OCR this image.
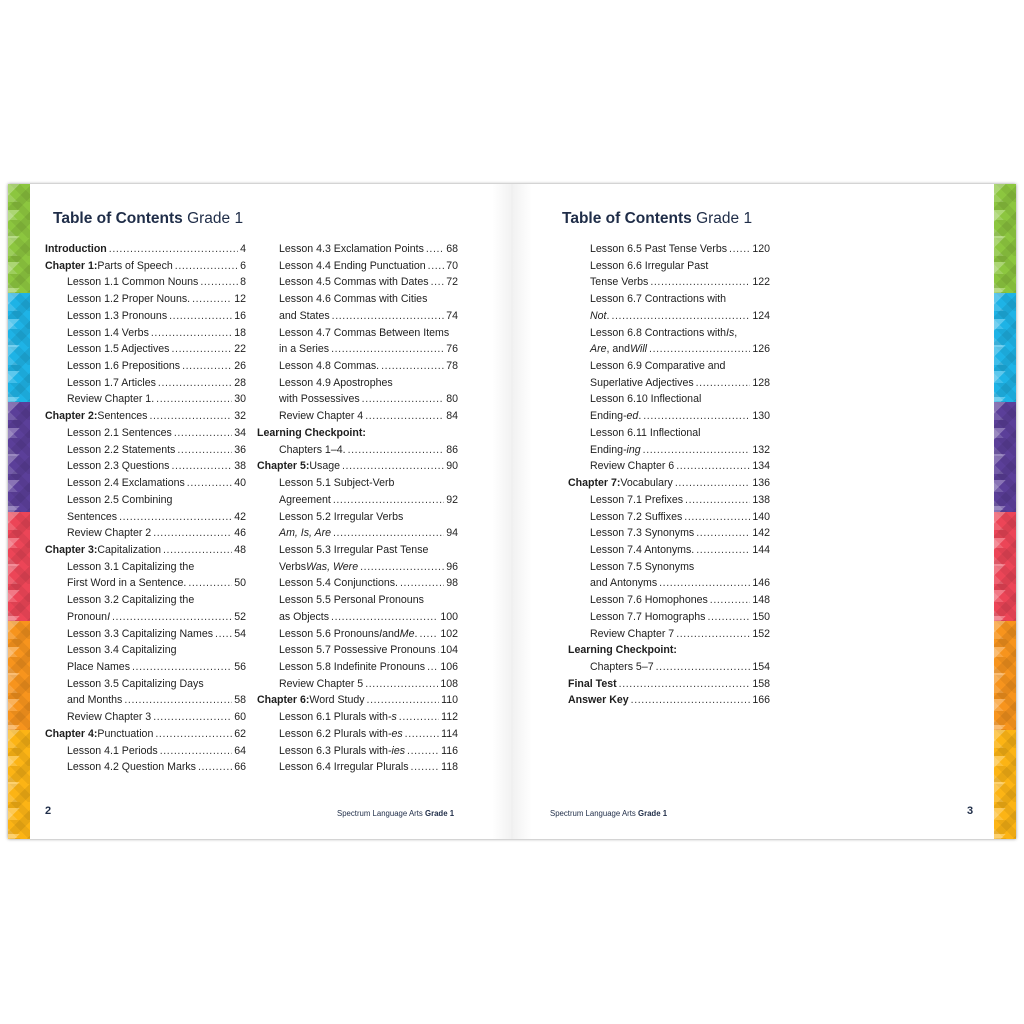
Table of Contents Grade 1
Introduction .....	4
Chapter 1: Parts of Speech .....	6
Lesson 1.1 Common Nouns .....	8
Lesson 1.2 Proper Nouns. .....	12
Lesson 1.3 Pronouns .....	16
Lesson 1.4 Verbs .....	18
Lesson 1.5 Adjectives .....	22
Lesson 1.6 Prepositions .....	26
Lesson 1.7 Articles .....	28
Review Chapter 1. .....	30
Chapter 2: Sentences .....	32
Lesson 2.1 Sentences .....	34
Lesson 2.2 Statements .....	36
Lesson 2.3 Questions .....	38
Lesson 2.4 Exclamations .....	40
Lesson 2.5 Combining
Sentences .....	42
Review Chapter 2 .....	46
Chapter 3: Capitalization .....	48
Lesson 3.1 Capitalizing the
First Word in a Sentence. .....	50
Lesson 3.2 Capitalizing the
Pronoun I .....	52
Lesson 3.3 Capitalizing Names ..... 54
Lesson 3.4 Capitalizing
Place Names .....	56
Lesson 3.5 Capitalizing Days
and Months .....	58
Review Chapter 3 .....	60
Chapter 4: Punctuation .....	62
Lesson 4.1 Periods .....	64
Lesson 4.2 Question Marks .....	66
Lesson 4.3 Exclamation Points ..... 68
Lesson 4.4 Ending Punctuation ..... 70
Lesson 4.5 Commas with Dates ..... 72
Lesson 4.6 Commas with Cities
and States .....	74
Lesson 4.7 Commas Between Items
in a Series .....	76
Lesson 4.8 Commas. .....	78
Lesson 4.9 Apostrophes
with Possessives .....	80
Review Chapter 4 .....	84
Learning Checkpoint:
Chapters 1–4. .....	86
Chapter 5: Usage .....	90
Lesson 5.1 Subject-Verb
Agreement .....	92
Lesson 5.2 Irregular Verbs
Am, Is, Are .....	94
Lesson 5.3 Irregular Past Tense
Verbs Was, Were .....	96
Lesson 5.4 Conjunctions. .....	98
Lesson 5.5 Personal Pronouns
as Objects .....	100
Lesson 5.6 Pronouns I and Me . ..... 102
Lesson 5.7 Possessive Pronouns ..... 104
Lesson 5.8 Indefinite Pronouns ..... 106
Review Chapter 5 .....	108
Chapter 6: Word Study .....	110
Lesson 6.1 Plurals with -s .....	112
Lesson 6.2 Plurals with -es .....	114
Lesson 6.3 Plurals with -ies .....	116
Lesson 6.4 Irregular Plurals .....	118
2	Spectrum Language Arts Grade 1
Table of Contents Grade 1
Lesson 6.5 Past Tense Verbs ..... 120
Lesson 6.6 Irregular Past
Tense Verbs .....	122
Lesson 6.7 Contractions with
Not . .....	124
Lesson 6.8 Contractions with Is ,
Are , and Will .....	126
Lesson 6.9 Comparative and
Superlative Adjectives .....	128
Lesson 6.10 Inflectional
Ending -ed . .....	130
Lesson 6.11 Inflectional
Ending -ing .....	132
Review Chapter 6 .....	134
Chapter 7: Vocabulary .....	136
Lesson 7.1 Prefixes .....	138
Lesson 7.2 Suffixes .....	140
Lesson 7.3 Synonyms .....	142
Lesson 7.4 Antonyms. .....	144
Lesson 7.5 Synonyms
and Antonyms .....	146
Lesson 7.6 Homophones .....	148
Lesson 7.7 Homographs .....	150
Review Chapter 7 .....	152
Learning Checkpoint:
Chapters 5–7 .....	154
Final Test .....	158
Answer Key .....	166
3
Spectrum Language Arts Grade 1
